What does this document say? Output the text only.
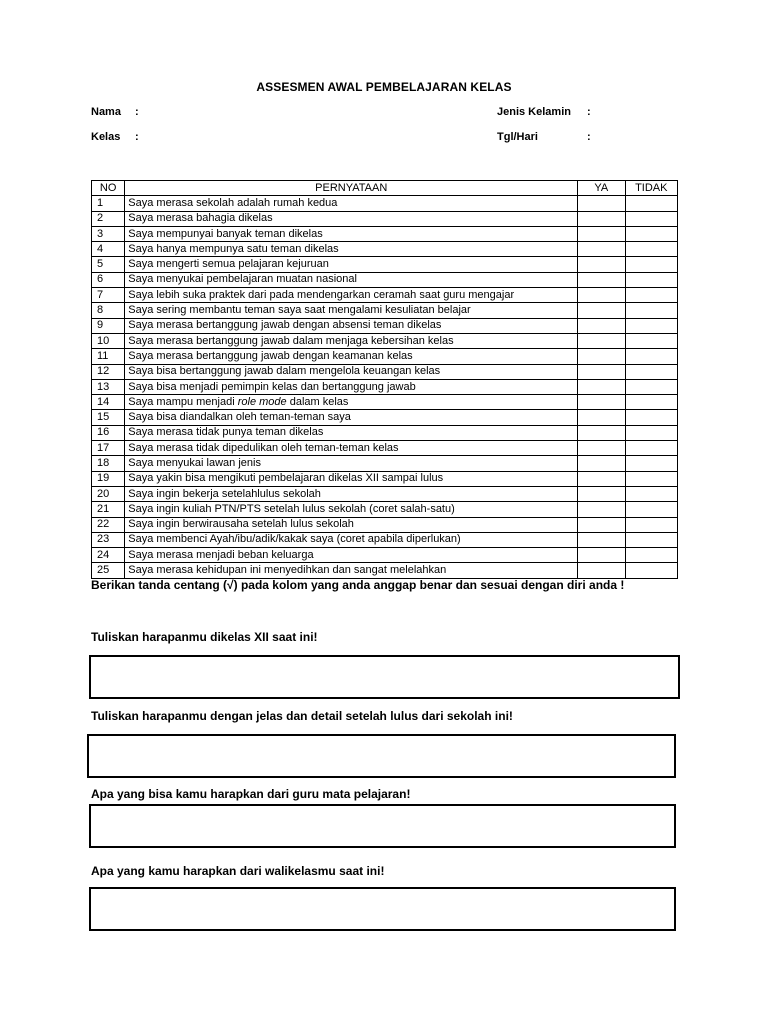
ASSESMEN AWAL PEMBELAJARAN KELAS
Nama :
Kelas :
Jenis Kelamin :
Tgl/Hari	:
NO	PERNYATAAN	YA	TIDAK
1	Saya merasa sekolah adalah rumah kedua		
2	Saya merasa bahagia dikelas		
3	Saya mempunyai banyak teman dikelas		
4	Saya hanya mempunya satu teman dikelas		
5	Saya mengerti semua pelajaran kejuruan		
6	Saya menyukai pembelajaran muatan nasional		
7	Saya lebih suka praktek dari pada mendengarkan ceramah saat guru mengajar		
8	Saya sering membantu teman saya saat mengalami kesuliatan belajar		
9	Saya merasa bertanggung jawab dengan absensi teman dikelas		
10	Saya merasa bertanggung jawab dalam menjaga kebersihan kelas		
11	Saya merasa bertanggung jawab dengan keamanan kelas		
12	Saya bisa bertanggung jawab dalam mengelola keuangan kelas		
13	Saya bisa menjadi pemimpin kelas dan bertanggung jawab		
14	Saya mampu menjadi role mode dalam kelas		
15	Saya bisa diandalkan oleh teman-teman saya		
16	Saya merasa tidak punya teman dikelas		
17	Saya merasa tidak dipedulikan oleh teman-teman kelas		
18	Saya menyukai lawan jenis		
19	Saya yakin bisa mengikuti pembelajaran dikelas XII sampai lulus		
20	Saya ingin bekerja setelahlulus sekolah		
21	Saya ingin kuliah PTN/PTS setelah lulus sekolah (coret salah-satu)		
22	Saya ingin berwirausaha setelah lulus sekolah		
23	Saya membenci Ayah/ibu/adik/kakak saya (coret apabila diperlukan)		
24	Saya merasa menjadi beban keluarga		
25	Saya merasa kehidupan ini menyedihkan dan sangat melelahkan		
Berikan tanda centang (√) pada kolom yang anda anggap benar dan sesuai dengan diri anda !
Tuliskan harapanmu dikelas XII saat ini!
Tuliskan harapanmu dengan jelas dan detail setelah lulus dari sekolah ini!
Apa yang bisa kamu harapkan dari guru mata pelajaran!
Apa yang kamu harapkan dari walikelasmu saat ini!
